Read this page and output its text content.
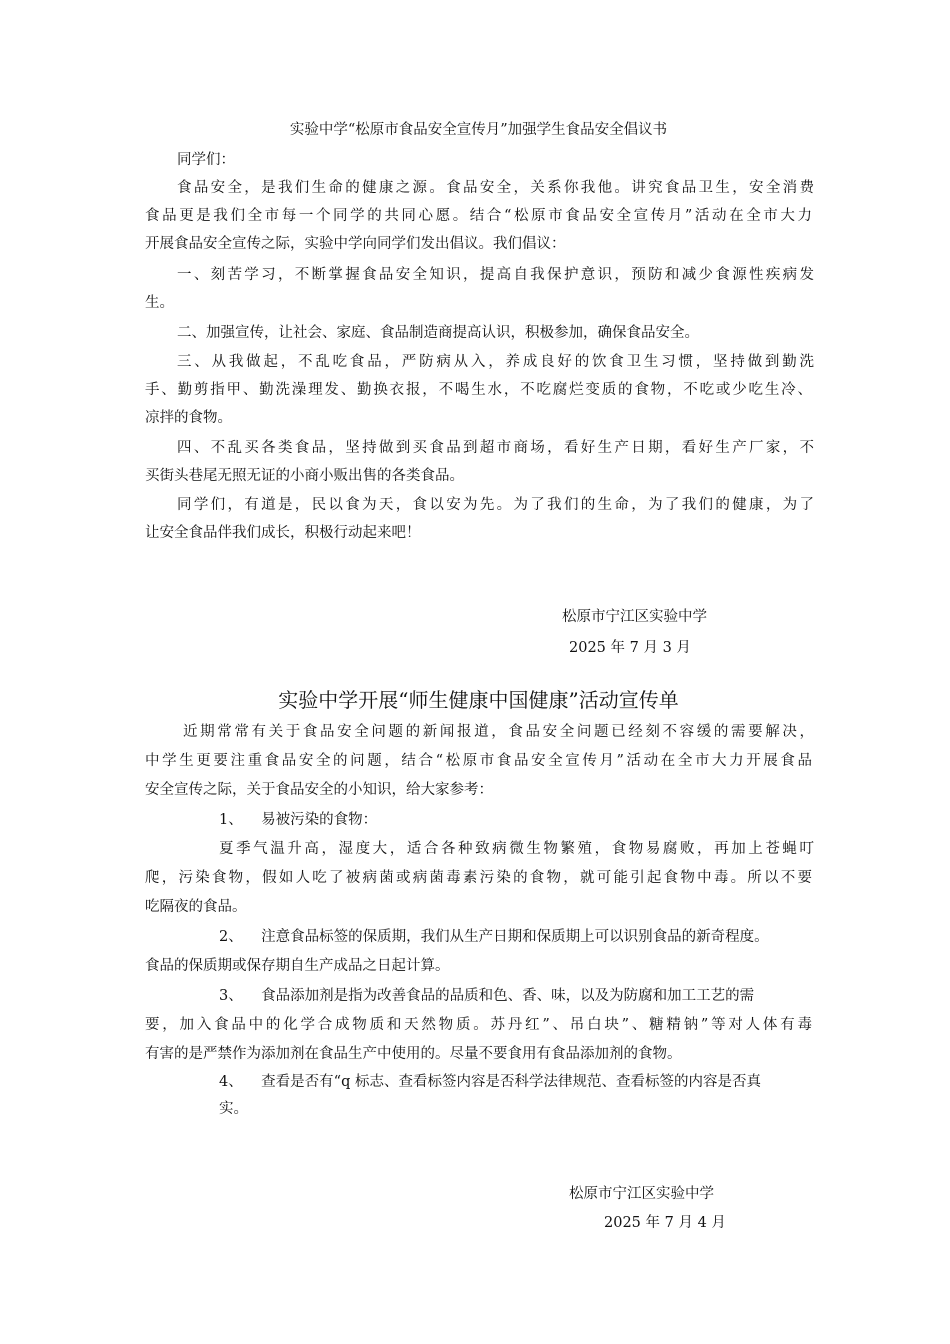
实验中学“松原市食品安全宣传月”加强学生食品安全倡议书
同学们：
食品安全，是我们生命的健康之源。食品安全，关系你我他。讲究食品卫生，安全消费
食品更是我们全市每一个同学的共同心愿。结合“松原市食品安全宣传月”活动在全市大力
开展食品安全宣传之际，实验中学向同学们发出倡议。我们倡议：
一、刻苦学习，不断掌握食品安全知识，提高自我保护意识，预防和减少食源性疾病发
生。
二、加强宣传，让社会、家庭、食品制造商提高认识，积极参加，确保食品安全。
三、从我做起，不乱吃食品，严防病从入，养成良好的饮食卫生习惯，坚持做到勤洗
手、勤剪指甲、勤洗澡理发、勤换衣报，不喝生水，不吃腐烂变质的食物，不吃或少吃生冷、
凉拌的食物。
四、不乱买各类食品，坚持做到买食品到超市商场，看好生产日期，看好生产厂家，不
买街头巷尾无照无证的小商小贩出售的各类食品。
同学们，有道是，民以食为天，食以安为先。为了我们的生命，为了我们的健康，为了
让安全食品伴我们成长，积极行动起来吧！
松原市宁江区实验中学
2025 年 7 月 3 月
实验中学开展“师生健康中国健康”活动宣传单
近期常常有关于食品安全问题的新闻报道，食品安全问题已经刻不容缓的需要解决，
中学生更要注重食品安全的问题，结合“松原市食品安全宣传月”活动在全市大力开展食品
安全宣传之际，关于食品安全的小知识，给大家参考：
1、    易被污染的食物：
夏季气温升高，湿度大，适合各种致病微生物繁殖，食物易腐败，再加上苍蝇叮
爬，污染食物，假如人吃了被病菌或病菌毒素污染的食物，就可能引起食物中毒。所以不要
吃隔夜的食品。
2、    注意食品标签的保质期，我们从生产日期和保质期上可以识别食品的新奇程度。
食品的保质期或保存期自生产成品之日起计算。
3、    食品添加剂是指为改善食品的品质和色、香、味，以及为防腐和加工工艺的需
要，加入食品中的化学合成物质和天然物质。苏丹红”、吊白块”、糖精钠”等对人体有毒
有害的是严禁作为添加剂在食品生产中使用的。尽量不要食用有食品添加剂的食物。
4、    查看是否有“q 标志、查看标签内容是否科学法律规范、查看标签的内容是否真
实。
松原市宁江区实验中学
2025 年 7 月 4 月
